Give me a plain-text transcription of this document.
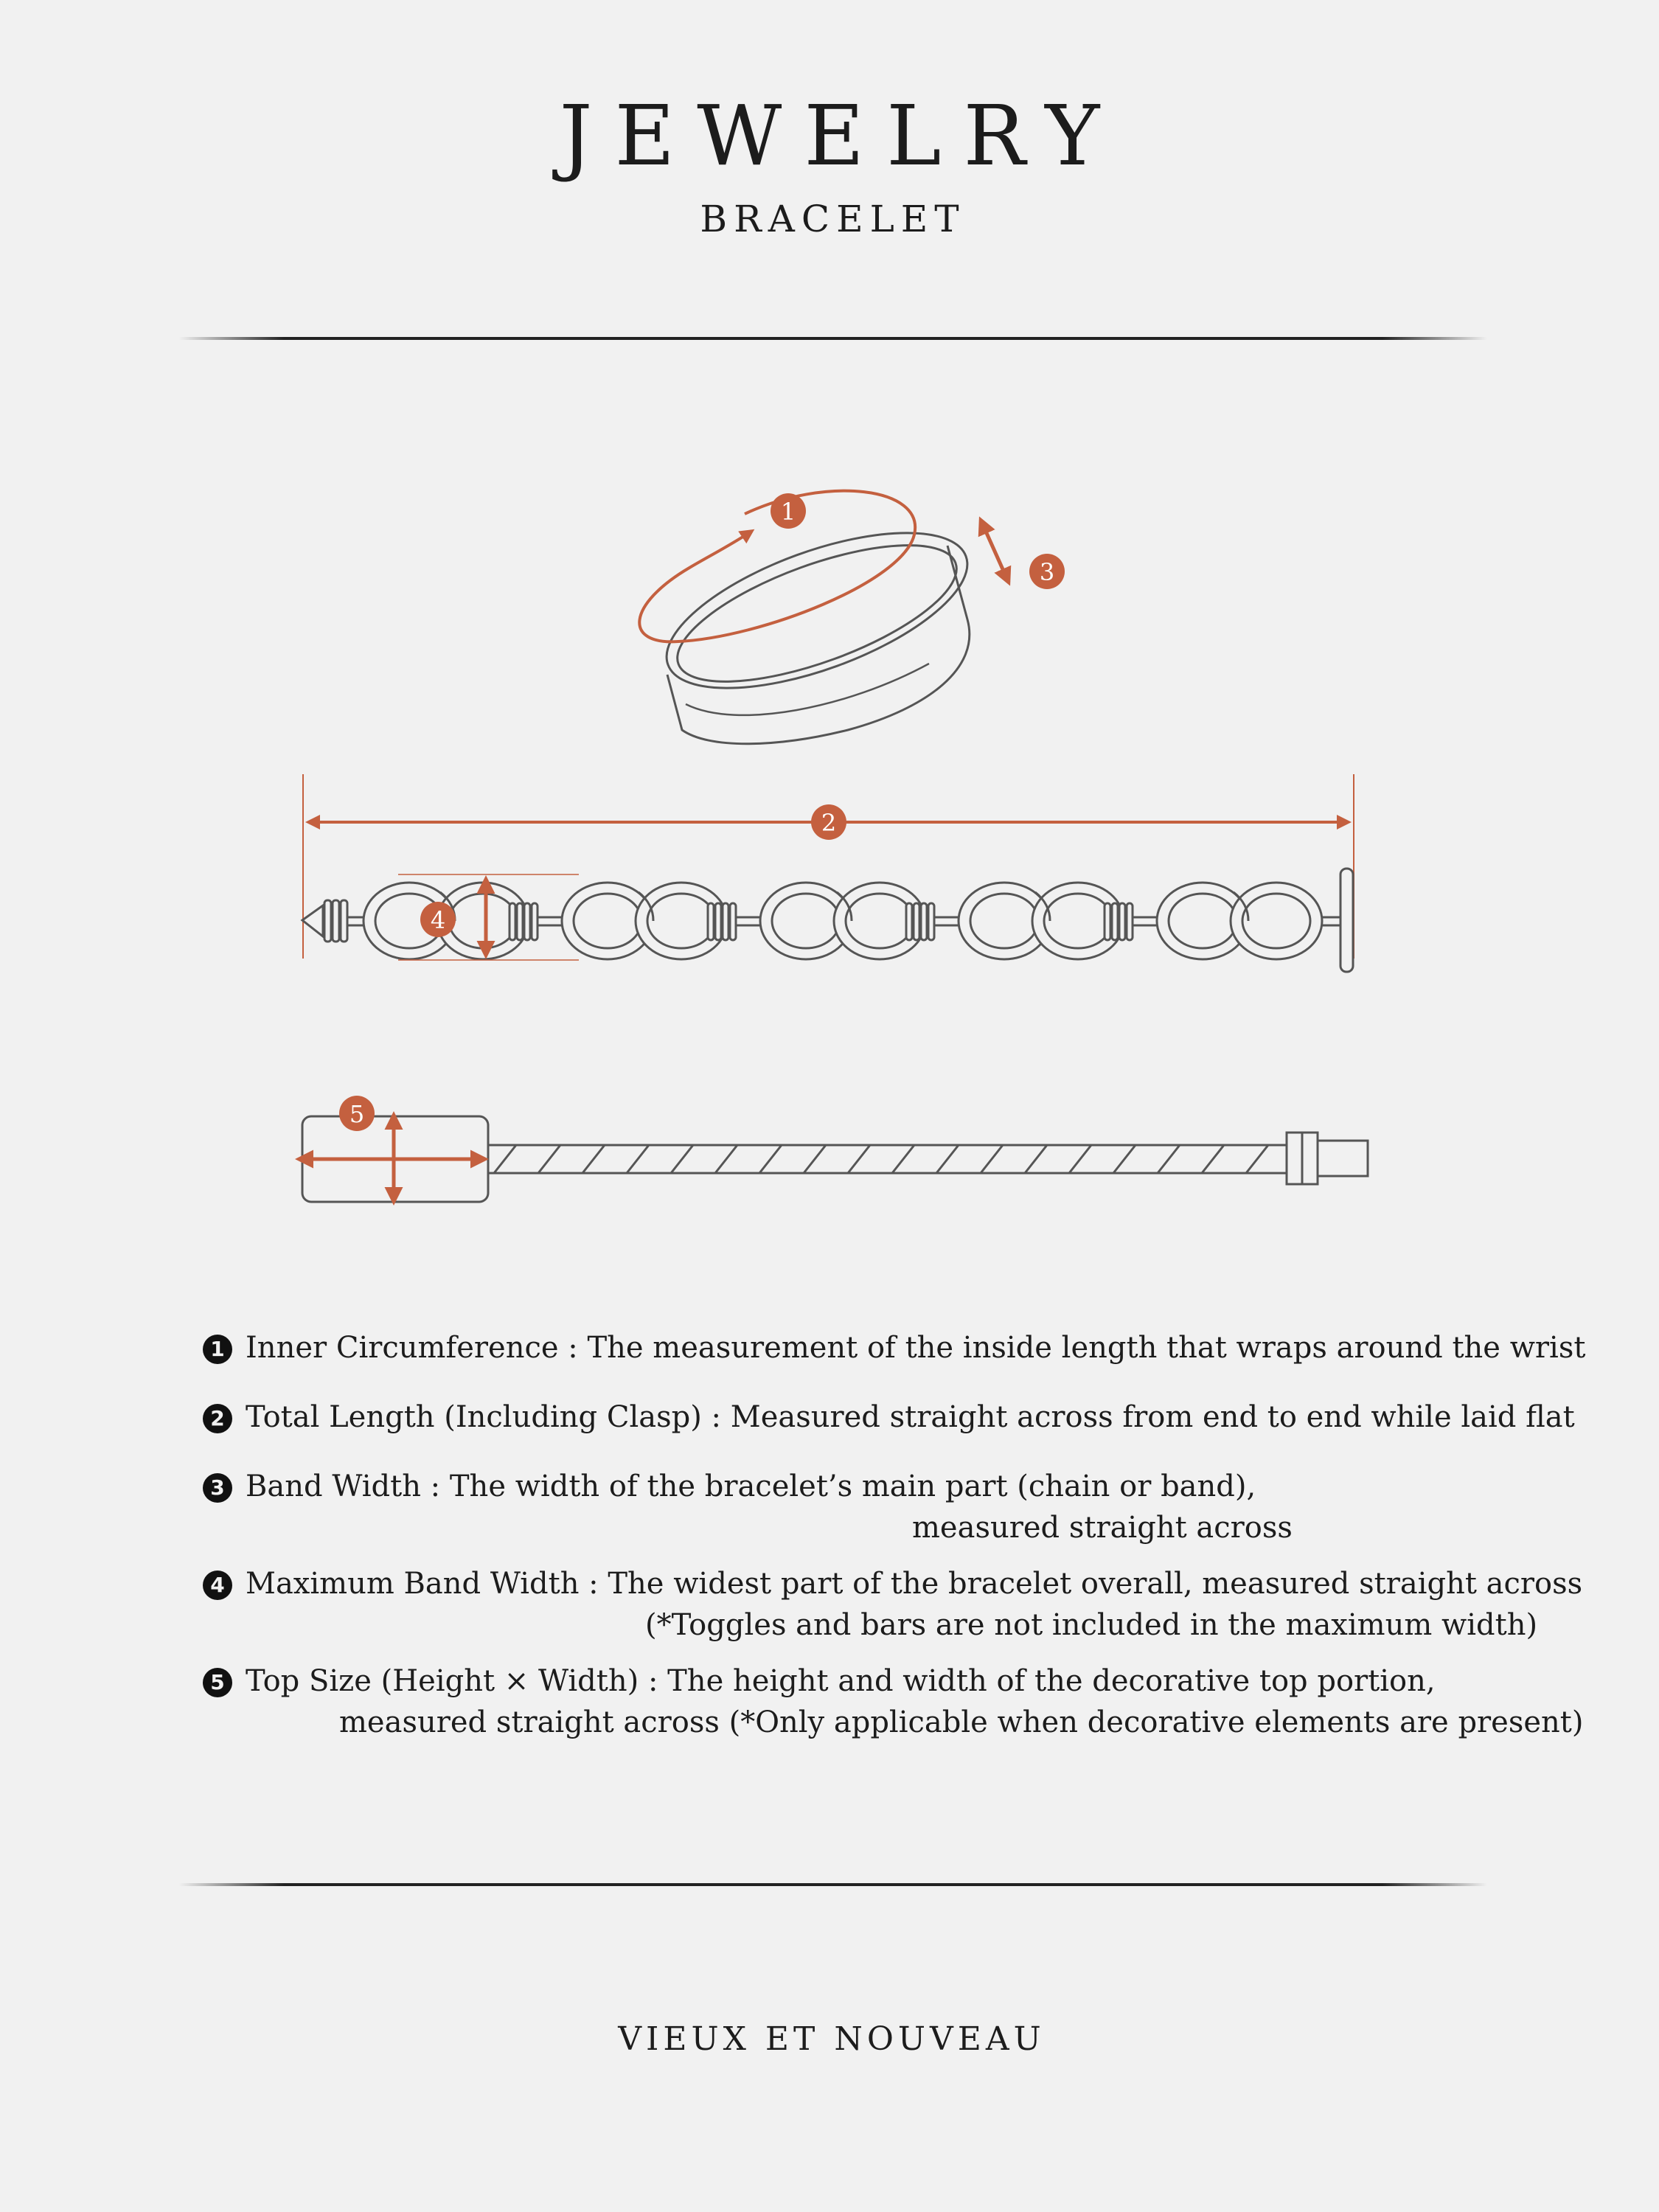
JEWELRY
BRACELET
1
2
3
4
5
1 Inner Circumference : The measurement of the inside length that wraps around the wrist
2 Total Length (Including Clasp) : Measured straight across from end to end while laid flat
3 Band Width : The width of the bracelet’s main part (chain or band),
measured straight across
4 Maximum Band Width : The widest part of the bracelet overall, measured straight across
(*Toggles and bars are not included in the maximum width)
5 Top Size (Height × Width) : The height and width of the decorative top portion,
measured straight across (*Only applicable when decorative elements are present)
VIEUX ET NOUVEAU
